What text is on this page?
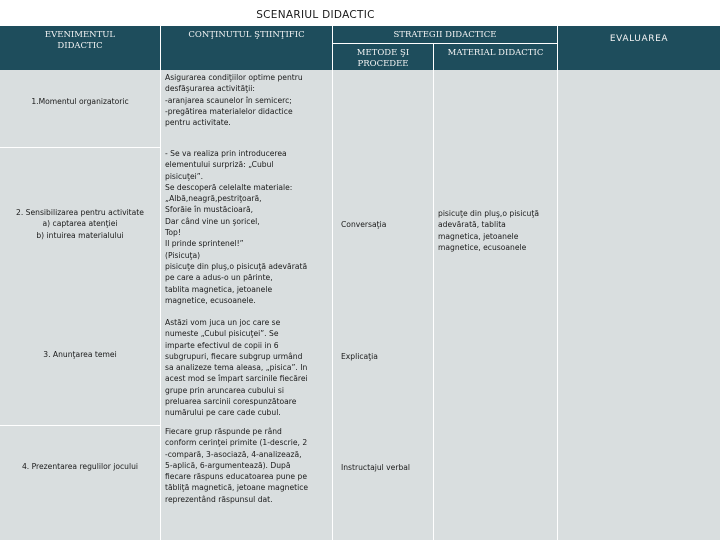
SCENARIUL DIDACTIC
EVENIMENTUL
DIDACTIC
CONŢINUTUL ŞTIINŢIFIC	STRATEGII DIDACTICE
METODE ŞI
PROCEDEE
MATERIAL DIDACTIC
EVALUAREA
1.Momentul organizatoric
2. Sensibilizarea pentru activitate
a) captarea atenţiei
b) intuirea materialului
3. Anunţarea temei
4. Prezentarea regulilor jocului
Asigurarea condiţiilor optime pentru
desfăşurarea activităţii:
-aranjarea scaunelor în semicerc;
-pregătirea materialelor didactice
pentru activitate.
- Se va realiza prin introducerea
elementului surpriză: „Cubul
pisicuţei”.
Se descoperă celelalte materiale:
„Albă,neagră,pestriţoară,
Sforăie în mustăcioară,
Dar când vine un şoricel,
Top!
Il prinde sprintenel!”
(Pisicuţa)
pisicuţe din pluş,o pisicuţă adevărată
pe care a adus-o un părinte,
tablita magnetica, jetoanele
magnetice, ecusoanele.
Astăzi vom juca un joc care se
numeste „Cubul pisicuţei”. Se
imparte efectivul de copii in 6
subgrupuri, fiecare subgrup urmând
sa analizeze tema aleasa, „pisica”. In
acest mod se împart sarcinile fiecărei
grupe prin aruncarea cubului si
preluarea sarcinii corespunzătoare
numărului pe care cade cubul.
Fiecare grup răspunde pe rând
conform cerinţei primite (1-descrie, 2
-compară, 3-asociază, 4-analizează,
5-aplică, 6-argumentează). După
fiecare răspuns educatoarea pune pe
tăbliţă magnetică, jetoane magnetice
reprezentând răspunsul dat.
Conversaţia
Explicaţia
Instructajul verbal
pisicuţe din pluş,o pisicuţă
adevărată, tablita
magnetica, jetoanele
magnetice, ecusoanele
